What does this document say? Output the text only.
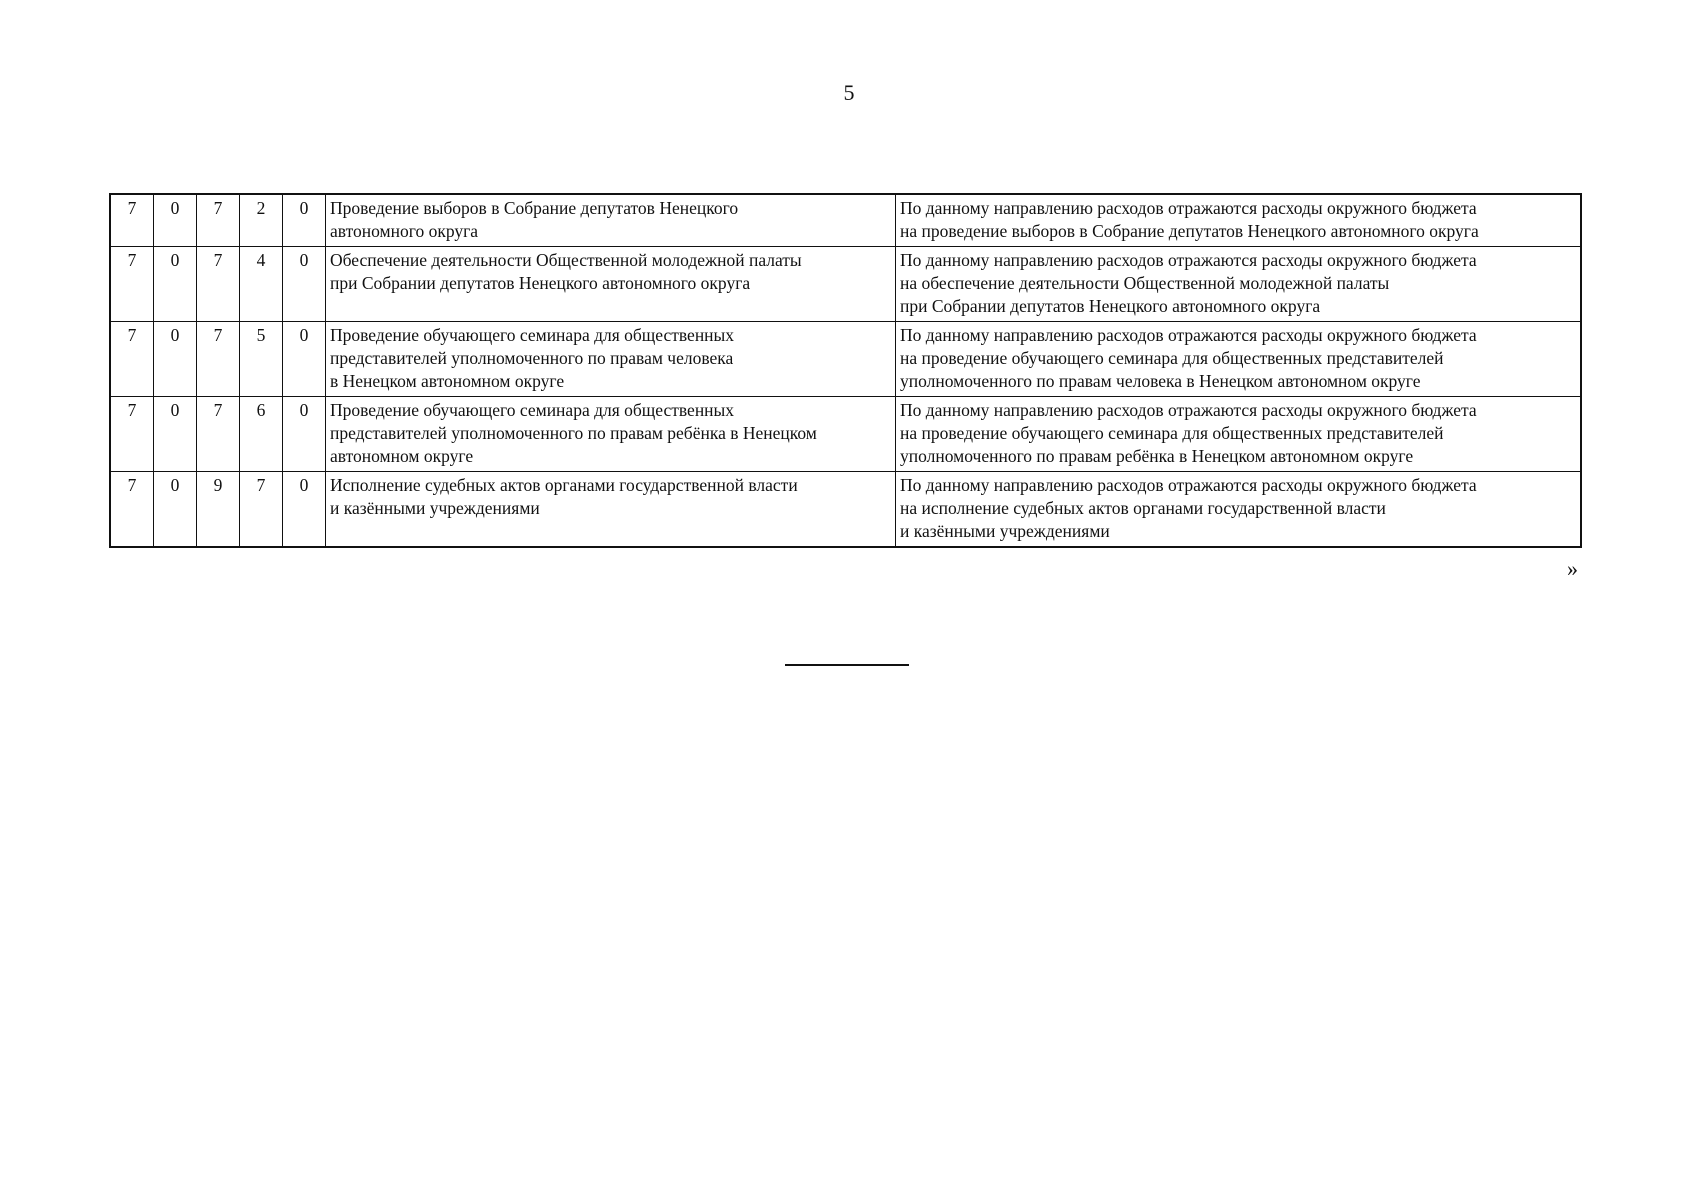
5
7	0	7	2	0	Проведение выборов в Собрание депутатов Ненецкого
автономного округа	По данному направлению расходов отражаются расходы окружного бюджета
на проведение выборов в Собрание депутатов Ненецкого автономного округа

7	0	7	4	0	Обеспечение деятельности Общественной молодежной палаты
при Собрании депутатов Ненецкого автономного округа	По данному направлению расходов отражаются расходы окружного бюджета
на обеспечение деятельности Общественной молодежной палаты
при Собрании депутатов Ненецкого автономного округа

7	0	7	5	0	Проведение обучающего семинара для общественных
представителей уполномоченного по правам человека
в Ненецком автономном округе	По данному направлению расходов отражаются расходы окружного бюджета
на проведение обучающего семинара для общественных представителей
уполномоченного по правам человека в Ненецком автономном округе

7	0	7	6	0	Проведение обучающего семинара для общественных
представителей уполномоченного по правам ребёнка в Ненецком
автономном округе	По данному направлению расходов отражаются расходы окружного бюджета
на проведение обучающего семинара для общественных представителей
уполномоченного по правам ребёнка в Ненецком автономном округе

7	0	9	7	0	Исполнение судебных актов органами государственной власти
и казёнными учреждениями	По данному направлению расходов отражаются расходы окружного бюджета
на исполнение судебных актов органами государственной власти
и казёнными учреждениями
»
